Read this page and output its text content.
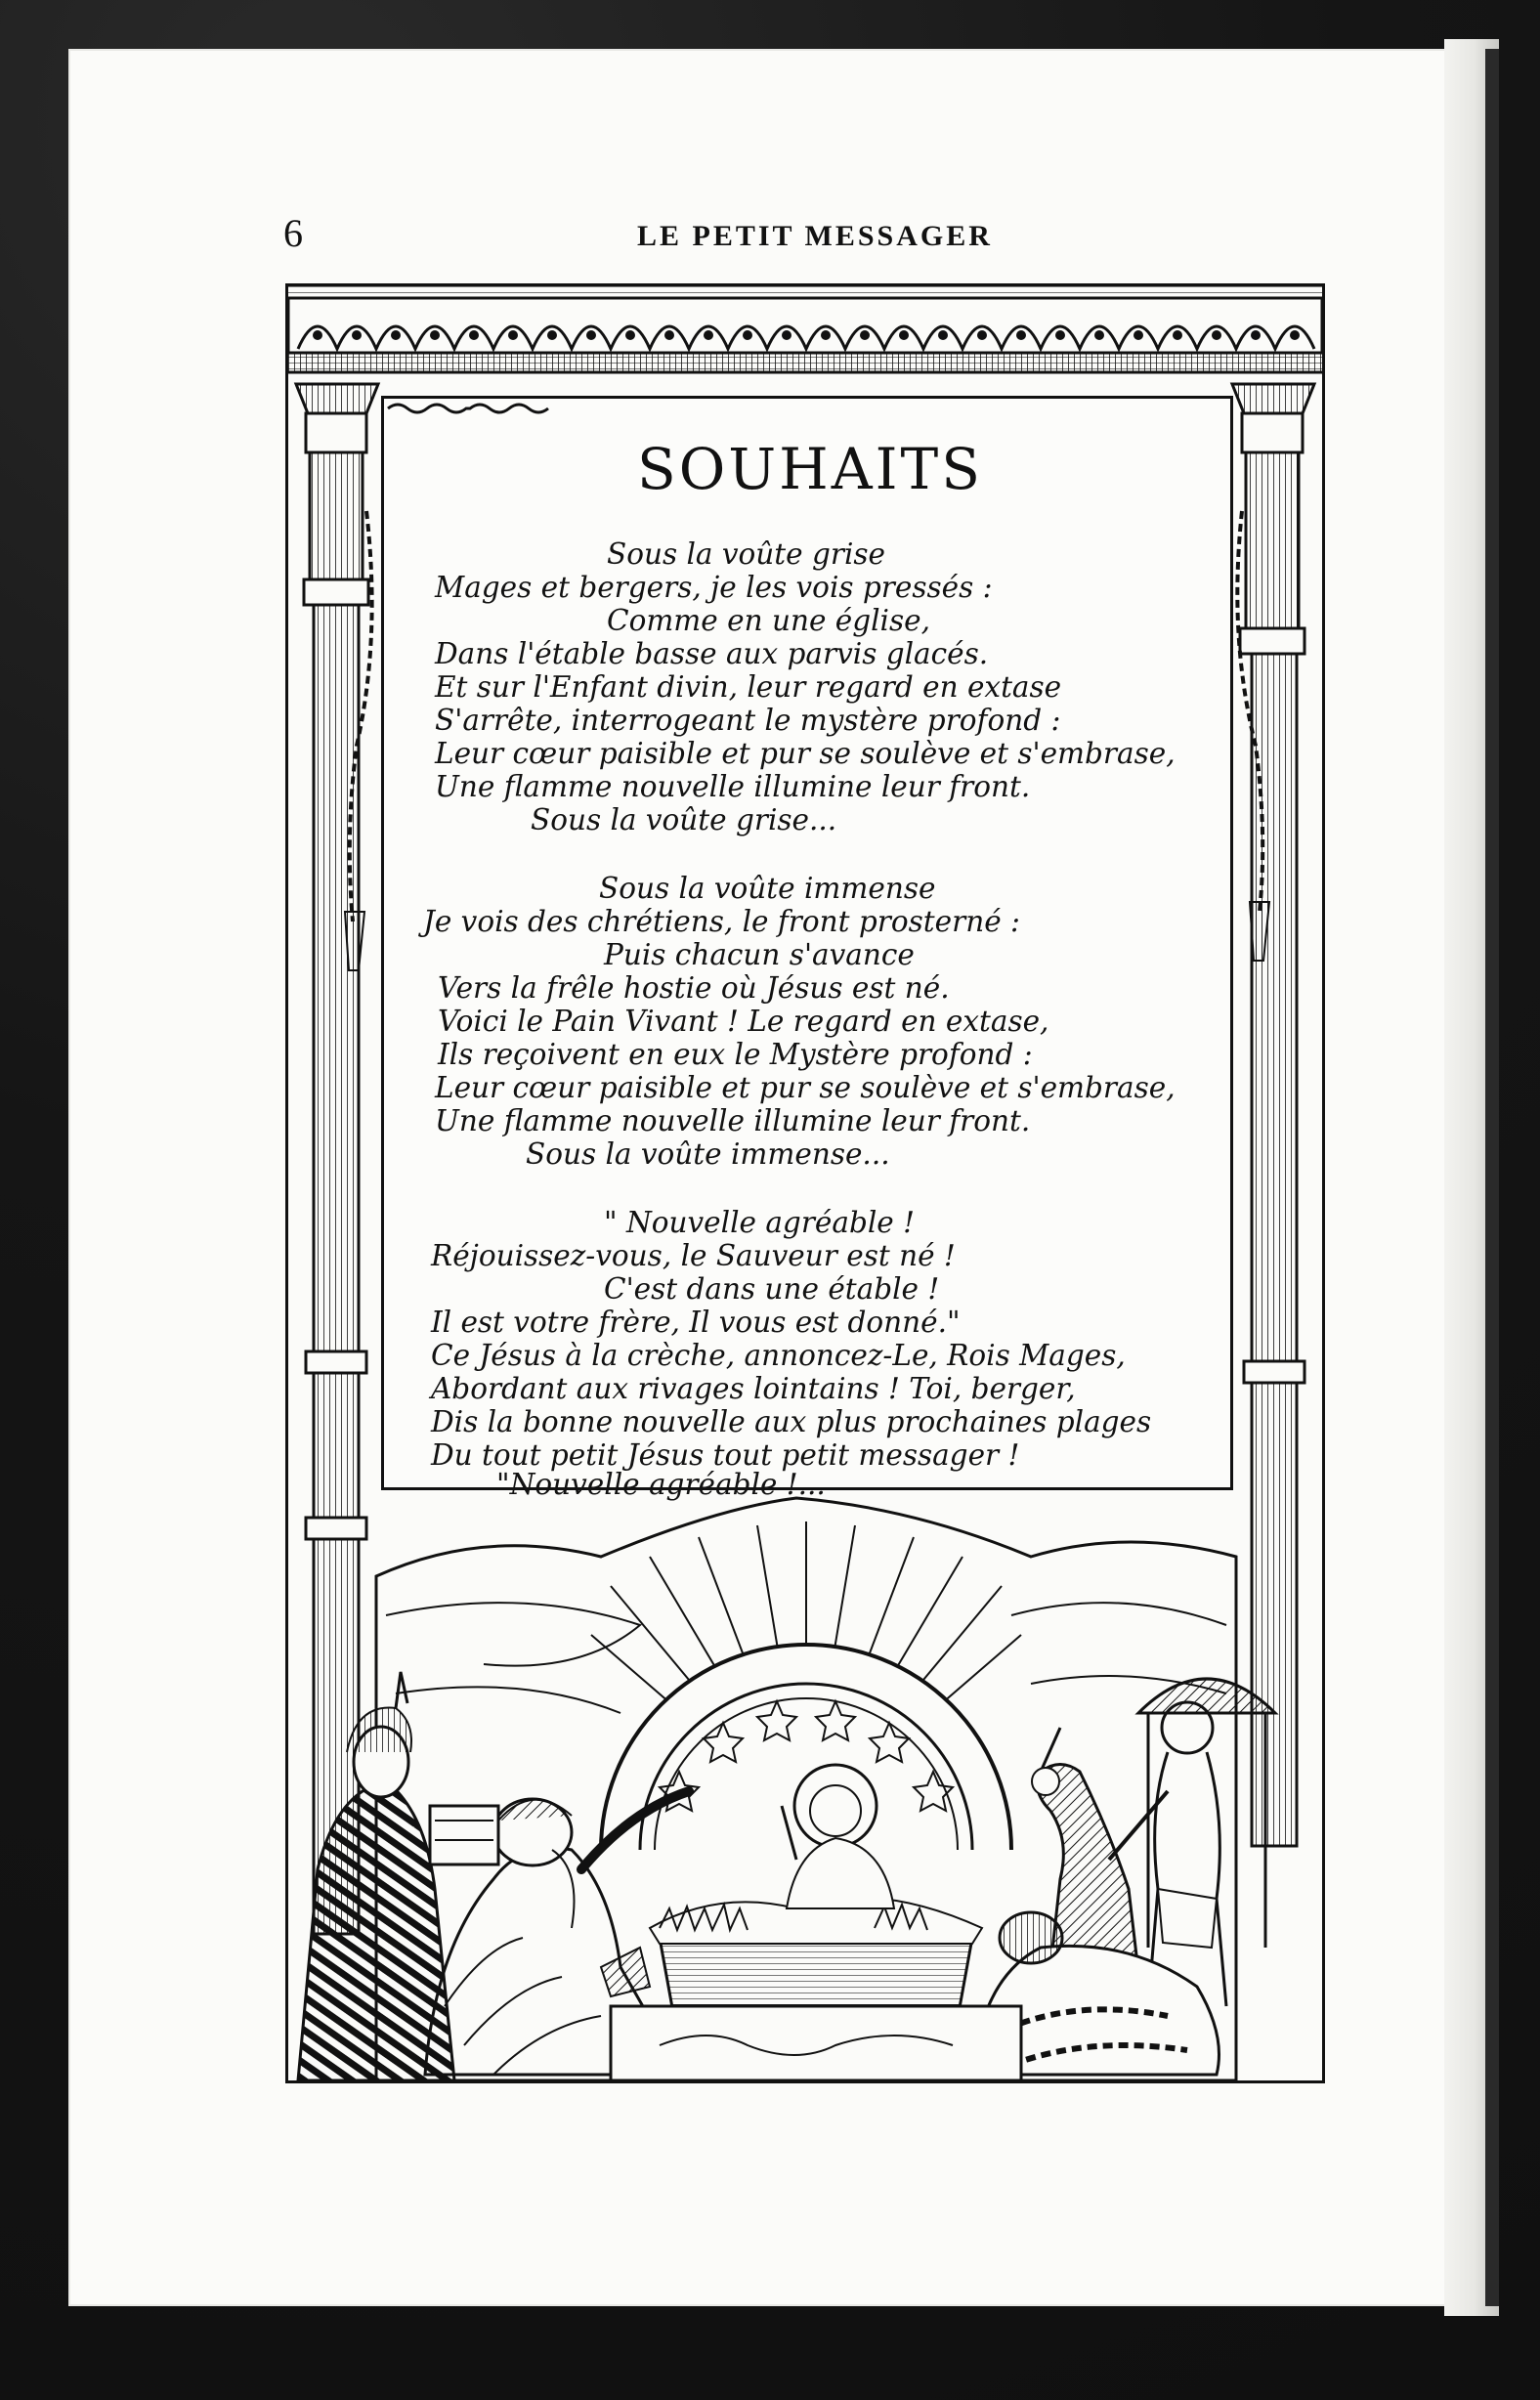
6	LE PETIT MESSAGER
SOUHAITS
Sous la voûte grise
Mages et bergers, je les vois pressés :
Comme en une église,
Dans l'étable basse aux parvis glacés.
Et sur l'Enfant divin, leur regard en extase
S'arrête, interrogeant le mystère profond :
Leur cœur paisible et pur se soulève et s'embrase,
Une flamme nouvelle illumine leur front.
Sous la voûte grise...
Sous la voûte immense
Je vois des chrétiens, le front prosterné :
Puis chacun s'avance
Vers la frêle hostie où Jésus est né.
Voici le Pain Vivant ! Le regard en extase,
Ils reçoivent en eux le Mystère profond :
Leur cœur paisible et pur se soulève et s'embrase,
Une flamme nouvelle illumine leur front.
Sous la voûte immense...
" Nouvelle agréable !
Réjouissez-vous, le Sauveur est né !
C'est dans une étable !
Il est votre frère, Il vous est donné."
Ce Jésus à la crèche, annoncez-Le, Rois Mages,
Abordant aux rivages lointains ! Toi, berger,
Dis la bonne nouvelle aux plus prochaines plages
Du tout petit Jésus tout petit messager !
"Nouvelle agréable !...
